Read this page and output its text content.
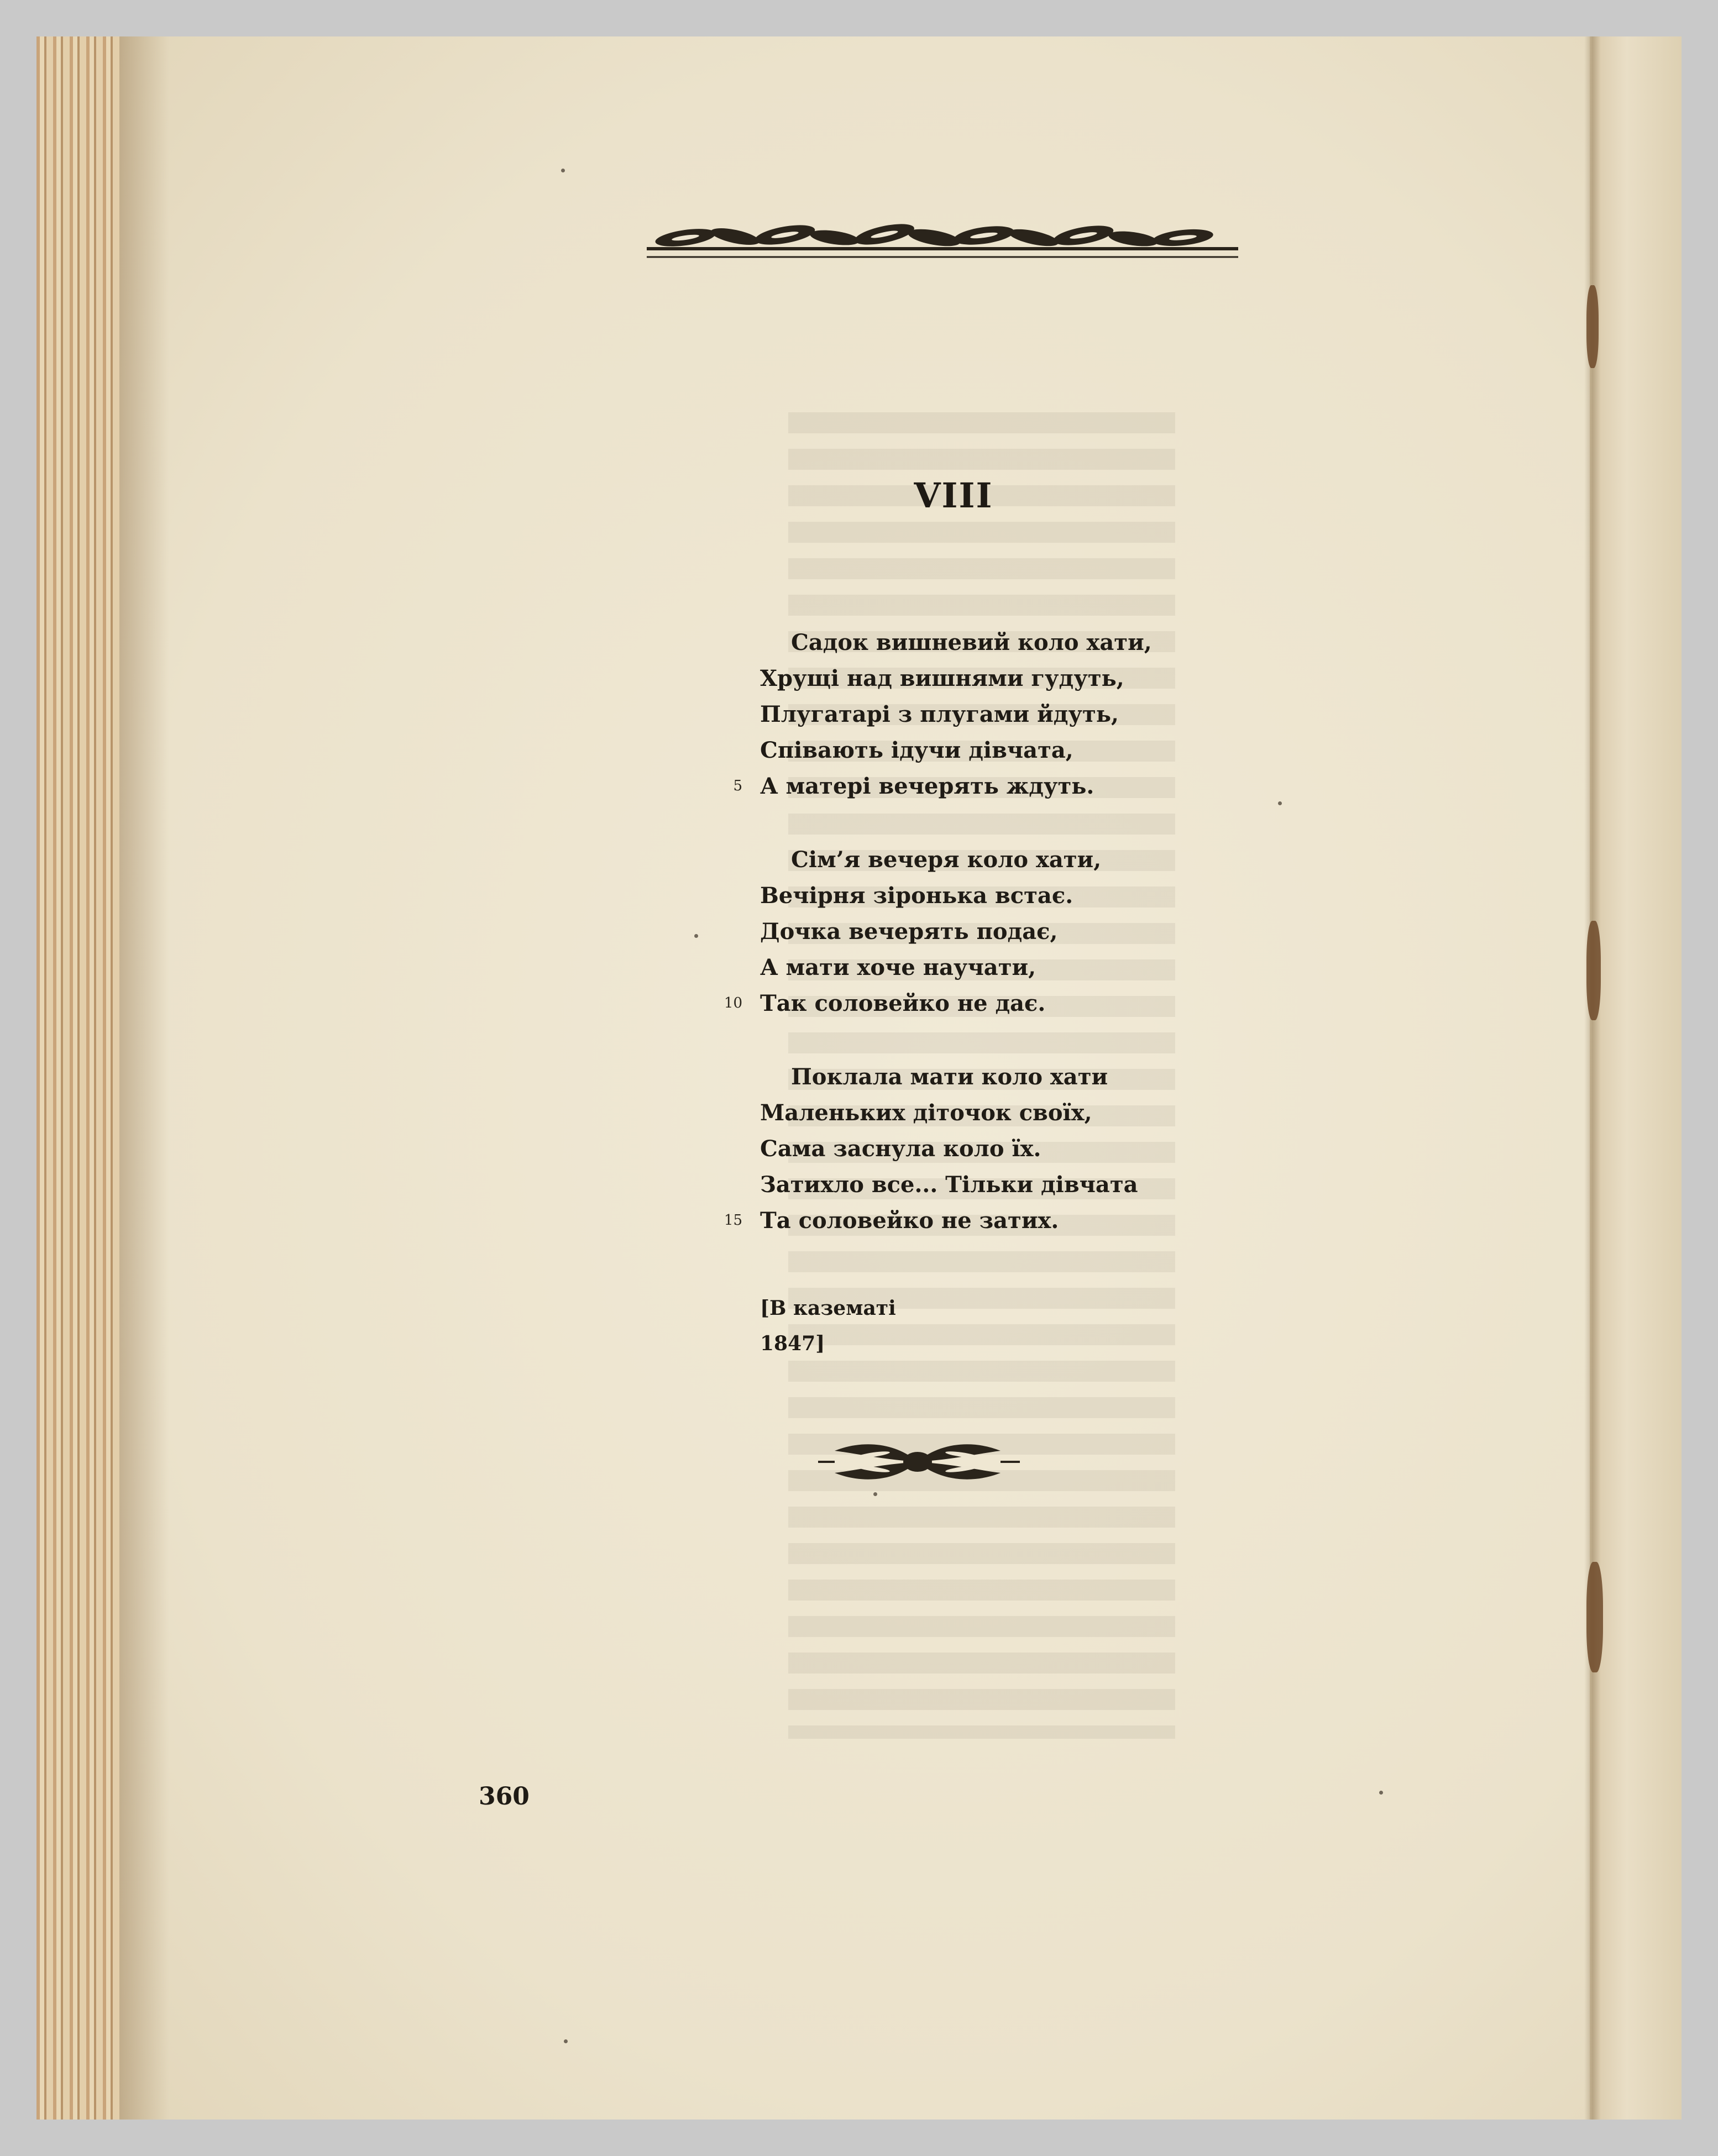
VIII
Садок вишневий коло хати,
Хрущі над вишнями гудуть,
Плугатарі з плугами йдуть,
Співають ідучи дівчата,
5 А матері вечерять ждуть.
Сім’я вечеря коло хати,
Вечірня зіронька встає.
Дочка вечерять подає,
А мати хоче научати,
10 Так соловейко не дає.
Поклала мати коло хати
Маленьких діточок своїх,
Сама заснула коло їх.
Затихло все... Тільки дівчата
15 Та соловейко не затих.
[В казематі
1847]
360
